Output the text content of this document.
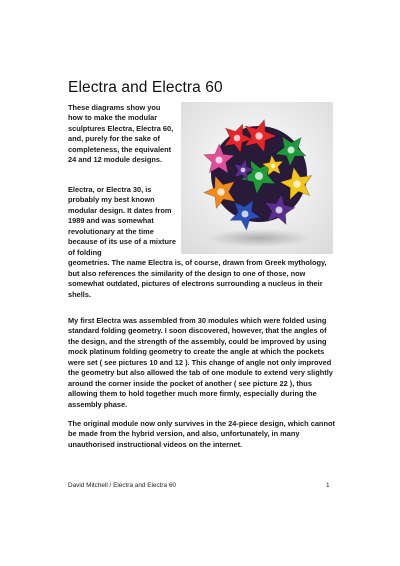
Electra and Electra 60

These diagrams show you how to make the modular sculptures Electra, Electra 60, and, purely for the sake of completeness, the equivalent 24 and 12 module designs.

Electra, or Electra 30, is probably my best known modular design. It dates from 1989 and was somewhat revolutionary at the time because of its use of a mixture of folding

geometries. The name Electra is, of course, drawn from Greek mythology, but also references the similarity of the design to one of those, now somewhat outdated, pictures of electrons surrounding a nucleus in their shells.

My first Electra was assembled from 30 modules which were folded using standard folding geometry. I soon discovered, however, that the angles of the design, and the strength of the assembly, could be improved by using mock platinum folding geometry to create the angle at which the pockets were set ( see pictures 10 and 12 ). This change of angle not only improved the geometry but also allowed the tab of one module to extend very slightly around the corner inside the pocket of another ( see picture 22 ), thus allowing them to hold together much more firmly, especially during the assembly phase.

The original module now only survives in the 24-piece design, which cannot be made from the hybrid version, and also, unfortunately, in many unauthorised instructional videos on the internet.

David Mitchell / Electra and Electra 60	1
